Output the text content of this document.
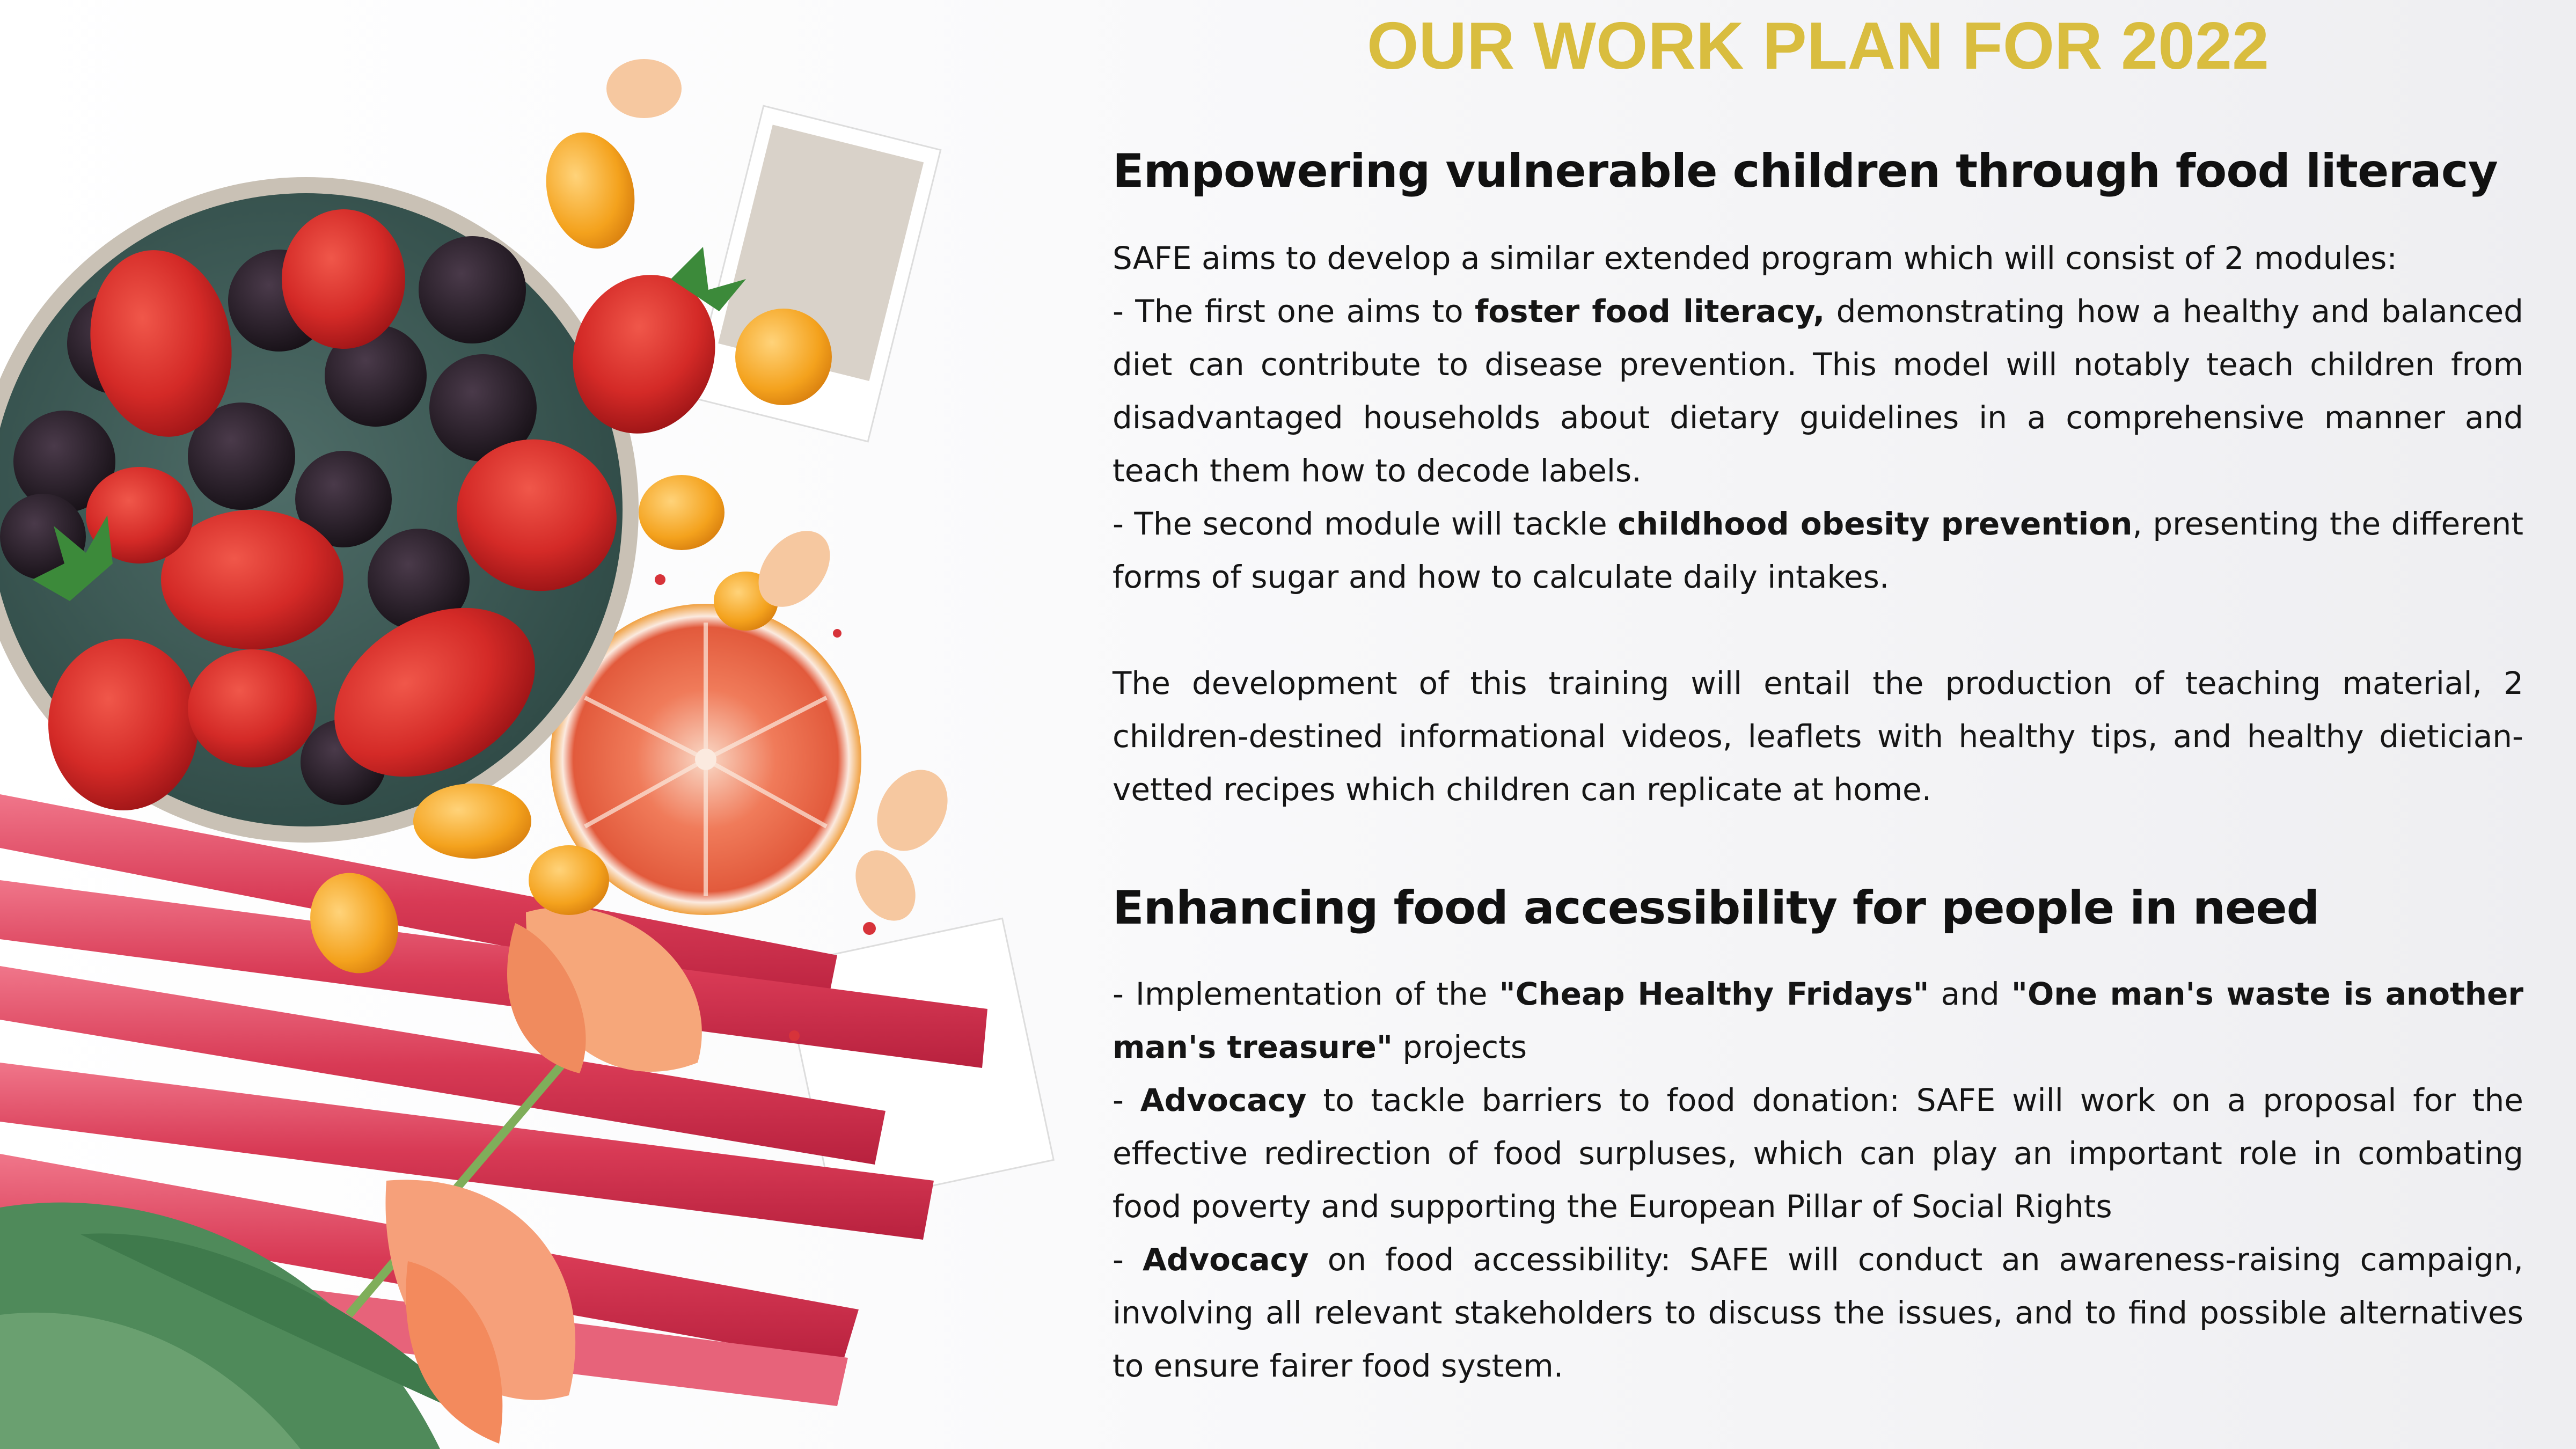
OUR WORK PLAN FOR 2022
Empowering vulnerable children through food literacy

SAFE aims to develop a similar extended program which will consist of 2 modules:

- The first one aims to foster food literacy, demonstrating how a healthy and balanced diet can contribute to disease prevention. This model will notably teach children from disadvantaged households about dietary guidelines in a comprehensive manner and teach them how to decode labels.

- The second module will tackle childhood obesity prevention, presenting the different forms of sugar and how to calculate daily intakes.

The development of this training will entail the production of teaching material, 2 children-destined informational videos, leaflets with healthy tips, and healthy dietician-vetted recipes which children can replicate at home.

Enhancing food accessibility for people in need

- Implementation of the "Cheap Healthy Fridays" and "One man's waste is another man's treasure" projects

- Advocacy to tackle barriers to food donation: SAFE will work on a proposal for the effective redirection of food surpluses, which can play an important role in combating food poverty and supporting the European Pillar of Social Rights

- Advocacy on food accessibility: SAFE will conduct an awareness-raising campaign, involving all relevant stakeholders to discuss the issues, and to find possible alternatives to ensure fairer food system.
